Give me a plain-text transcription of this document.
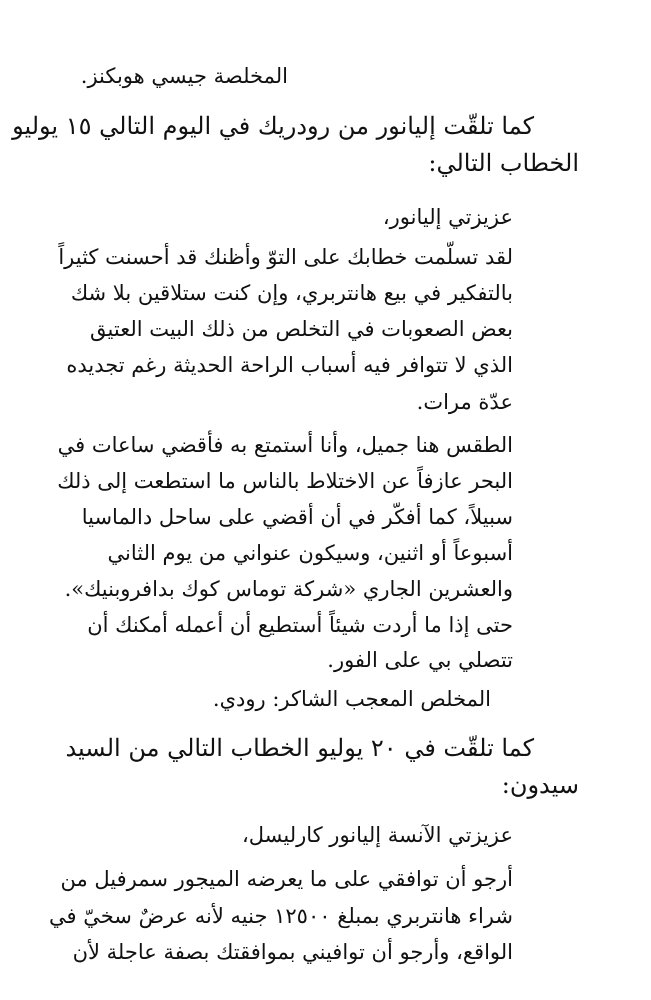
المخلصة جيسي هوبكنز.
كما تلقّت إليانور من رودريك في اليوم التالي ١٥ يوليو
الخطاب التالي:
عزيزتي إليانور،
لقد تسلّمت خطابك على التوّ وأظنك قد أحسنت كثيراً
بالتفكير في بيع هانتربري، وإن كنت ستلاقين بلا شك
بعض الصعوبات في التخلص من ذلك البيت العتيق
الذي لا تتوافر فيه أسباب الراحة الحديثة رغم تجديده
عدّة مرات.
الطقس هنا جميل، وأنا أستمتع به فأقضي ساعات في
البحر عازفاً عن الاختلاط بالناس ما استطعت إلى ذلك
سبيلاً، كما أفكّر في أن أقضي على ساحل دالماسيا
أسبوعاً أو اثنين، وسيكون عنواني من يوم الثاني
والعشرين الجاري «شركة توماس كوك بدافروبنيك».
حتى إذا ما أردت شيئاً أستطيع أن أعمله أمكنك أن
تتصلي بي على الفور.
المخلص المعجب الشاكر: رودي.
كما تلقّت في ٢٠ يوليو الخطاب التالي من السيد
سيدون:
عزيزتي الآنسة إليانور كارليسل،
أرجو أن توافقي على ما يعرضه الميجور سمرفيل من
شراء هانتربري بمبلغ ١٢٥٠٠ جنيه لأنه عرضٌ سخيّ في
الواقع، وأرجو أن توافيني بموافقتك بصفة عاجلة لأن
